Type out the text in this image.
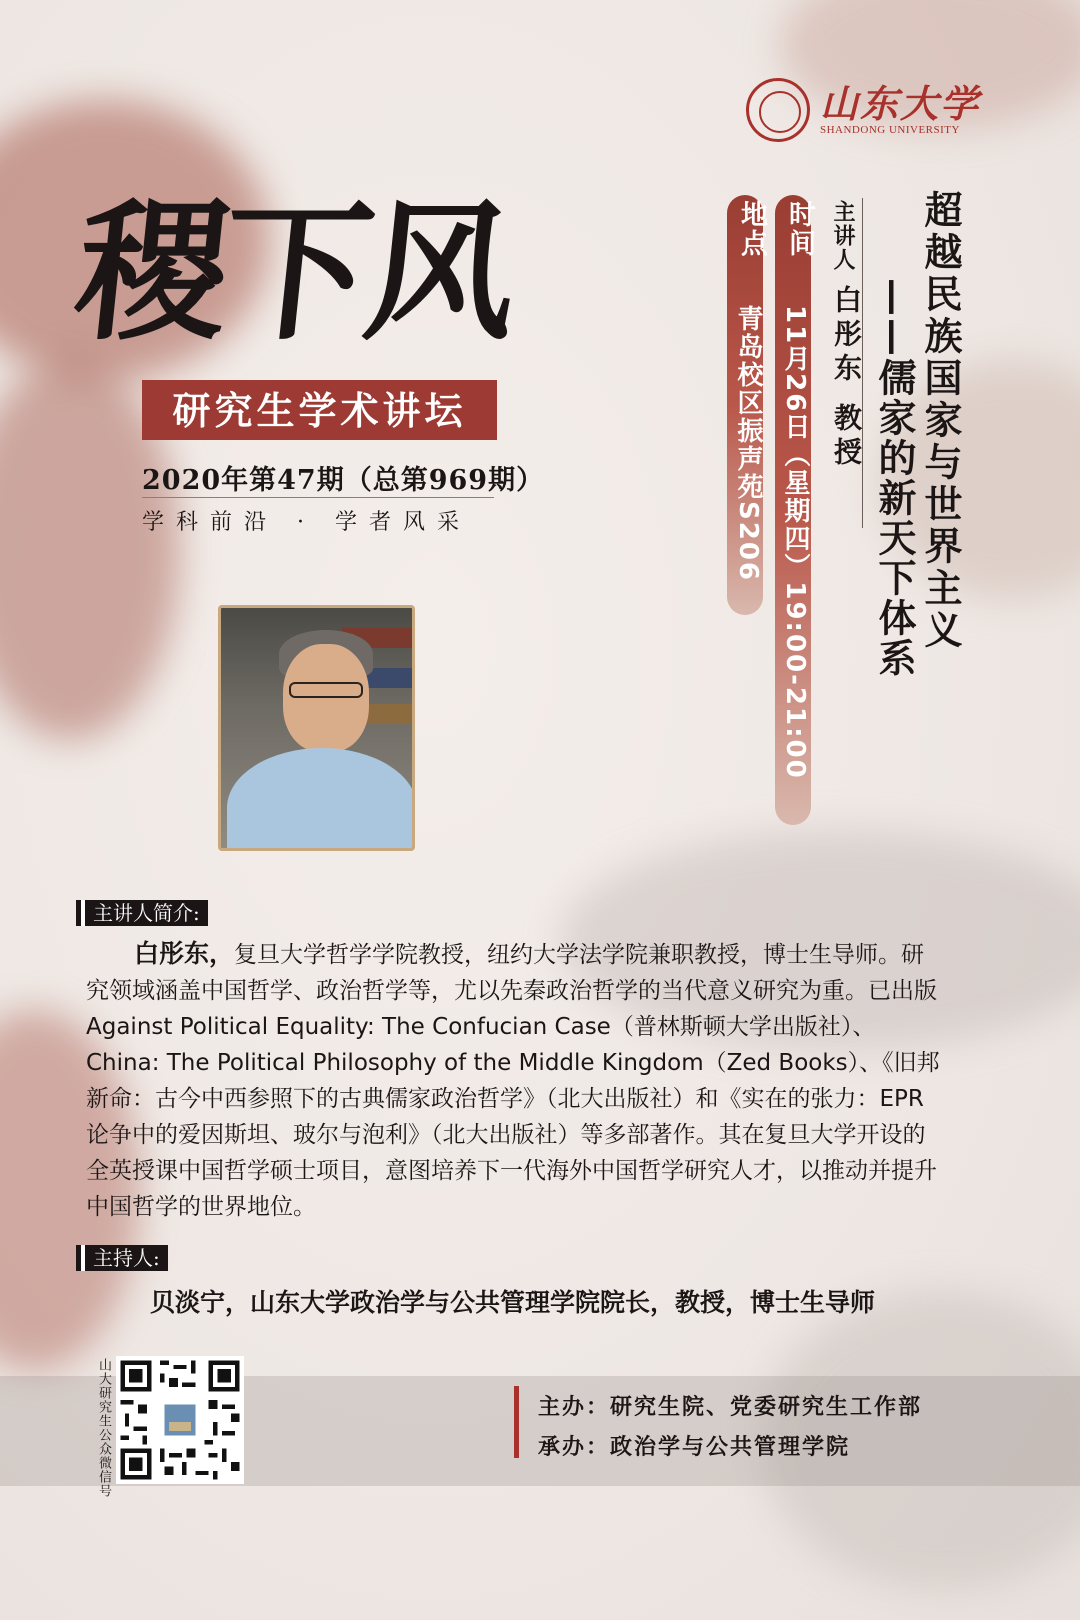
山东大学
SHANDONG UNIVERSITY
稷下风
研究生学术讲坛
2020年第47期（总第969期）
学科前沿 · 学者风采	超越民族国家与世界主义
——儒家的新天下体系
主讲人
白彤东 教授
时间
11月26日（星期四）19:00-21:00
地点
青岛校区振声苑S206
主讲人简介:
白彤东，复旦大学哲学学院教授，纽约大学法学院兼职教授，博士生导师。研究领域涵盖中国哲学、政治哲学等，尤以先秦政治哲学的当代意义研究为重。已出版Against Political Equality: The Confucian Case（普林斯顿大学出版社）、China: The Political Philosophy of the Middle Kingdom（Zed Books）、《旧邦新命：古今中西参照下的古典儒家政治哲学》（北大出版社）和《实在的张力：EPR论争中的爱因斯坦、玻尔与泡利》（北大出版社）等多部著作。其在复旦大学开设的全英授课中国哲学硕士项目，意图培养下一代海外中国哲学研究人才，以推动并提升中国哲学的世界地位。
主持人:
贝淡宁，山东大学政治学与公共管理学院院长，教授，博士生导师
主办：研究生院、党委研究生工作部
承办：政治学与公共管理学院
山大研究生公众微信号
